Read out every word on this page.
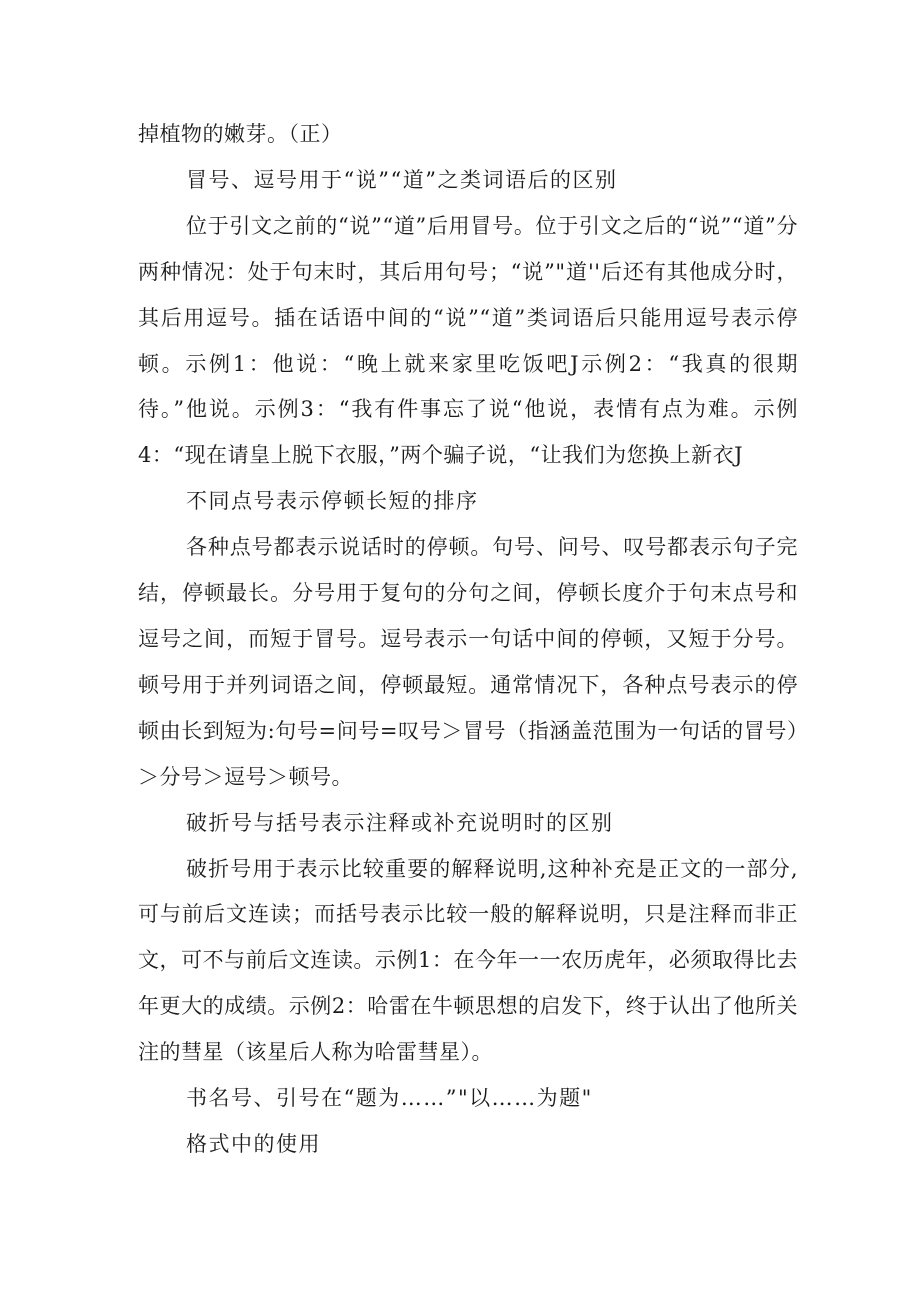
掉植物的嫩芽。（正）

冒号、逗号用于“说”“道”之类词语后的区别

位于引文之前的“说”“道”后用冒号。位于引文之后的“说”“道”分两种情况：处于句末时，其后用句号；“说”"道''后还有其他成分时，其后用逗号。插在话语中间的“说”“道”类词语后只能用逗号表示停顿。示例1：他说：“晚上就来家里吃饭吧J示例2：“我真的很期待。”他说。示例3：“我有件事忘了说“他说，表情有点为难。示例4：“现在请皇上脱下衣服，”两个骗子说，“让我们为您换上新衣J

不同点号表示停顿长短的排序

各种点号都表示说话时的停顿。句号、问号、叹号都表示句子完结，停顿最长。分号用于复句的分句之间，停顿长度介于句末点号和逗号之间，而短于冒号。逗号表示一句话中间的停顿，又短于分号。顿号用于并列词语之间，停顿最短。通常情况下，各种点号表示的停顿由长到短为:句号=问号=叹号＞冒号（指涵盖范围为一句话的冒号）＞分号＞逗号＞顿号。

破折号与括号表示注释或补充说明时的区别

破折号用于表示比较重要的解释说明,这种补充是正文的一部分,可与前后文连读；而括号表示比较一般的解释说明，只是注释而非正文，可不与前后文连读。示例1：在今年一一农历虎年，必须取得比去年更大的成绩。示例2：哈雷在牛顿思想的启发下，终于认出了他所关注的彗星（该星后人称为哈雷彗星）。

书名号、引号在“题为……”"以……为题"

格式中的使用
